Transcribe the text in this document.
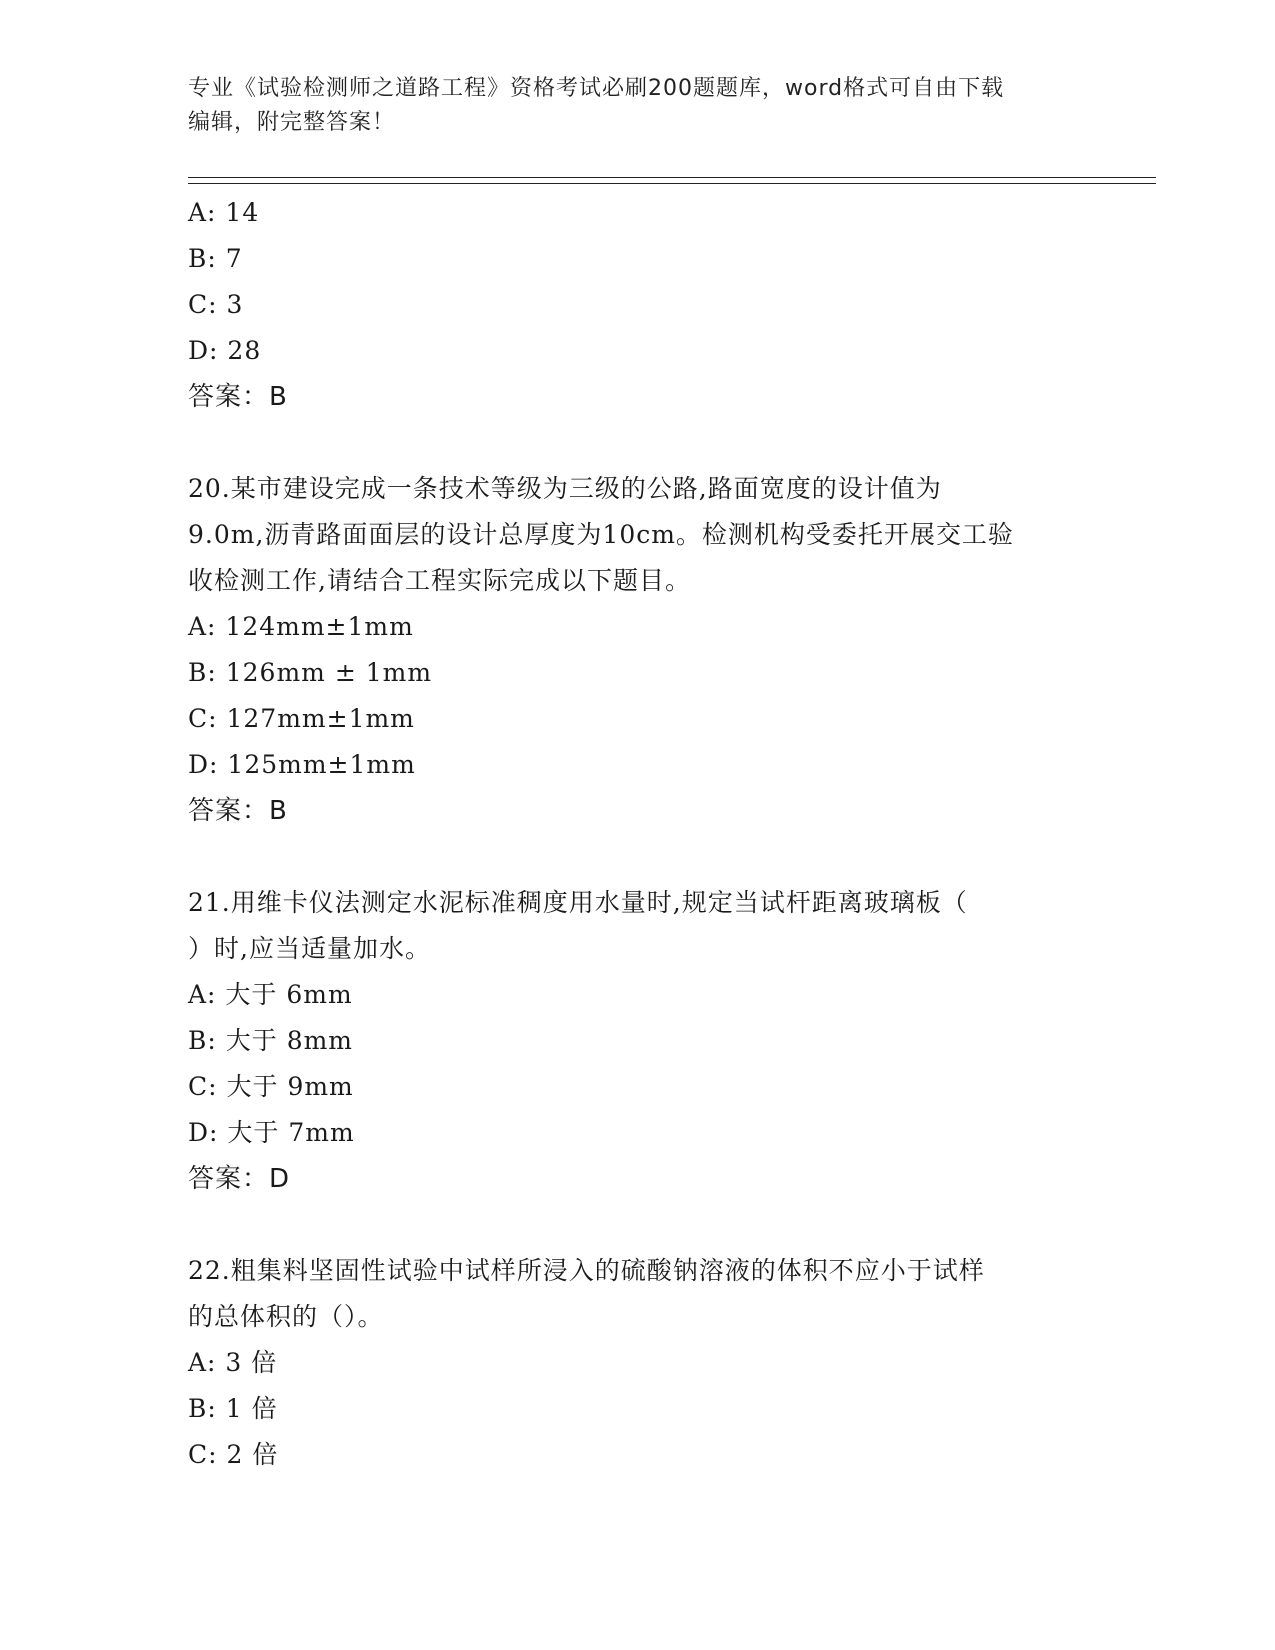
专业《试验检测师之道路工程》资格考试必刷200题题库，word格式可自由下载
编辑，附完整答案！
A: 14
B: 7
C: 3
D: 28
答案：B
20.某市建设完成一条技术等级为三级的公路,路面宽度的设计值为
9.0m,沥青路面面层的设计总厚度为10cm。检测机构受委托开展交工验
收检测工作,请结合工程实际完成以下题目。
A: 124mm±1mm
B: 126mm ± 1mm
C: 127mm±1mm
D: 125mm±1mm
答案：B
21.用维卡仪法测定水泥标准稠度用水量时,规定当试杆距离玻璃板（
）时,应当适量加水。
A: 大于 6mm
B: 大于 8mm
C: 大于 9mm
D: 大于 7mm
答案：D
22.粗集料坚固性试验中试样所浸入的硫酸钠溶液的体积不应小于试样
的总体积的（）。
A: 3 倍
B: 1 倍
C: 2 倍
